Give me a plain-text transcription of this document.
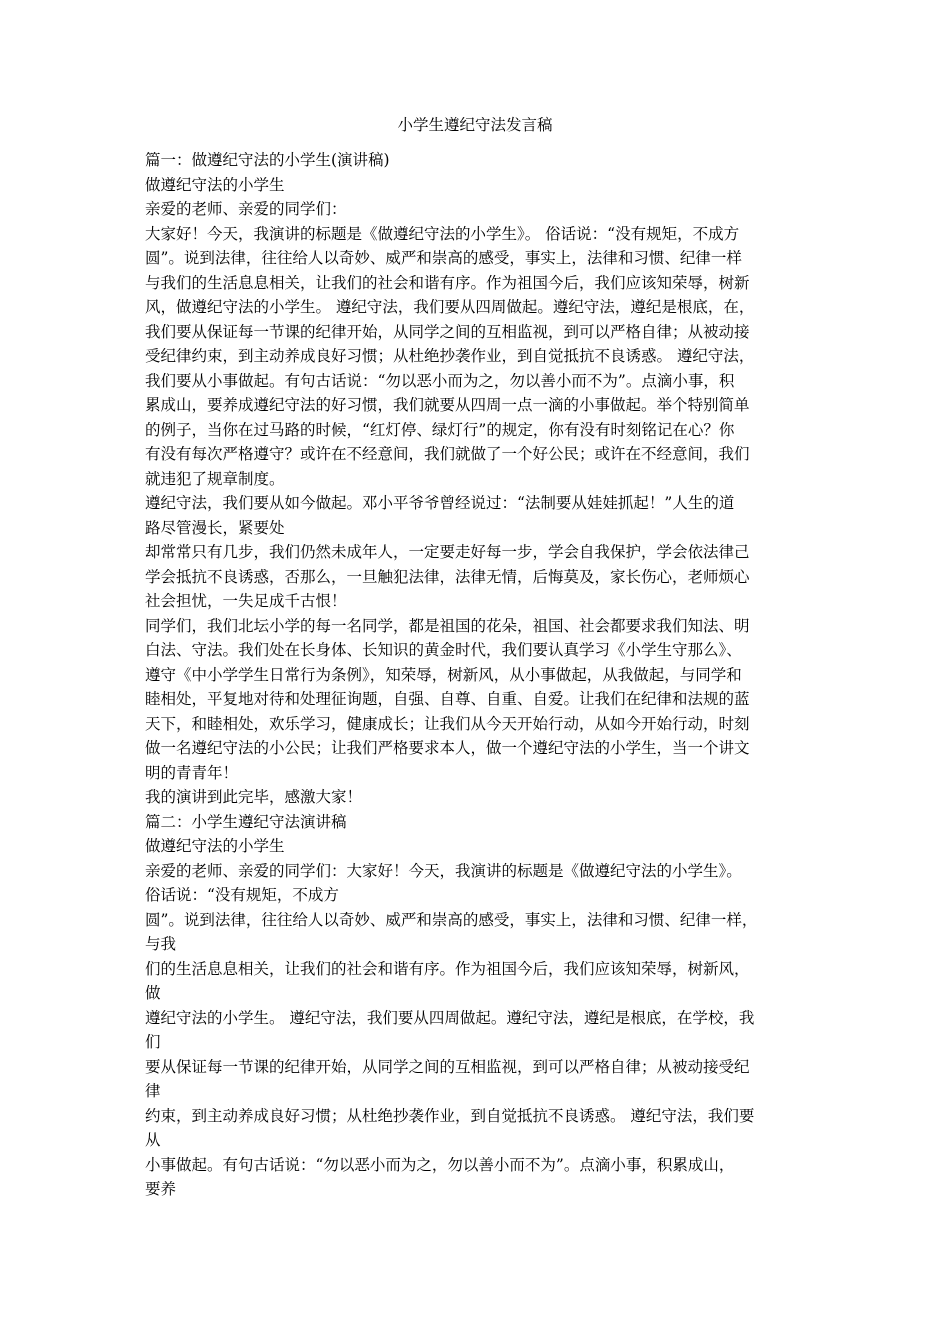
小学生遵纪守法发言稿
篇一：做遵纪守法的小学生(演讲稿)
做遵纪守法的小学生
亲爱的老师、亲爱的同学们：
大家好！今天，我演讲的标题是《做遵纪守法的小学生》。 俗话说：“没有规矩，不成方
圆”。说到法律，往往给人以奇妙、威严和崇高的感受，事实上，法律和习惯、纪律一样
与我们的生活息息相关，让我们的社会和谐有序。作为祖国今后，我们应该知荣辱，树新
风，做遵纪守法的小学生。 遵纪守法，我们要从四周做起。遵纪守法，遵纪是根底，在，
我们要从保证每一节课的纪律开始，从同学之间的互相监视，到可以严格自律；从被动接
受纪律约束，到主动养成良好习惯；从杜绝抄袭作业，到自觉抵抗不良诱惑。 遵纪守法，
我们要从小事做起。有句古话说：“勿以恶小而为之，勿以善小而不为”。点滴小事，积
累成山，要养成遵纪守法的好习惯，我们就要从四周一点一滴的小事做起。举个特别简单
的例子，当你在过马路的时候，“红灯停、绿灯行”的规定，你有没有时刻铭记在心？你
有没有每次严格遵守？或许在不经意间，我们就做了一个好公民；或许在不经意间，我们
就违犯了规章制度。
遵纪守法，我们要从如今做起。邓小平爷爷曾经说过：“法制要从娃娃抓起！”人生的道
路尽管漫长，紧要处
却常常只有几步，我们仍然未成年人，一定要走好每一步，学会自我保护，学会依法律己
学会抵抗不良诱惑，否那么，一旦触犯法律，法律无情，后悔莫及，家长伤心，老师烦心
社会担忧，一失足成千古恨！
同学们，我们北坛小学的每一名同学，都是祖国的花朵，祖国、社会都要求我们知法、明
白法、守法。我们处在长身体、长知识的黄金时代，我们要认真学习《小学生守那么》、
遵守《中小学学生日常行为条例》，知荣辱，树新风，从小事做起，从我做起，与同学和
睦相处，平复地对待和处理征询题，自强、自尊、自重、自爱。让我们在纪律和法规的蓝
天下，和睦相处，欢乐学习，健康成长；让我们从今天开始行动，从如今开始行动，时刻
做一名遵纪守法的小公民；让我们严格要求本人，做一个遵纪守法的小学生，当一个讲文
明的青青年！
我的演讲到此完毕，感激大家！
篇二：小学生遵纪守法演讲稿
做遵纪守法的小学生
亲爱的老师、亲爱的同学们：大家好！今天，我演讲的标题是《做遵纪守法的小学生》。
俗话说：“没有规矩，不成方
圆”。说到法律，往往给人以奇妙、威严和崇高的感受，事实上，法律和习惯、纪律一样，
与我
们的生活息息相关，让我们的社会和谐有序。作为祖国今后，我们应该知荣辱，树新风，
做
遵纪守法的小学生。 遵纪守法，我们要从四周做起。遵纪守法，遵纪是根底，在学校，我
们
要从保证每一节课的纪律开始，从同学之间的互相监视，到可以严格自律；从被动接受纪
律
约束，到主动养成良好习惯；从杜绝抄袭作业，到自觉抵抗不良诱惑。 遵纪守法，我们要
从
小事做起。有句古话说：“勿以恶小而为之，勿以善小而不为”。点滴小事，积累成山，
要养
